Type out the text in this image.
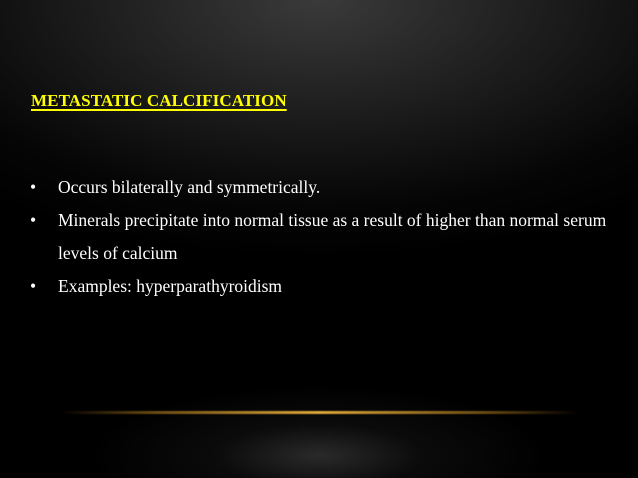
METASTATIC CALCIFICATION
• Occurs bilaterally and symmetrically.
• Minerals precipitate into normal tissue as a result of higher than normal serum levels of calcium
• Examples: hyperparathyroidism
